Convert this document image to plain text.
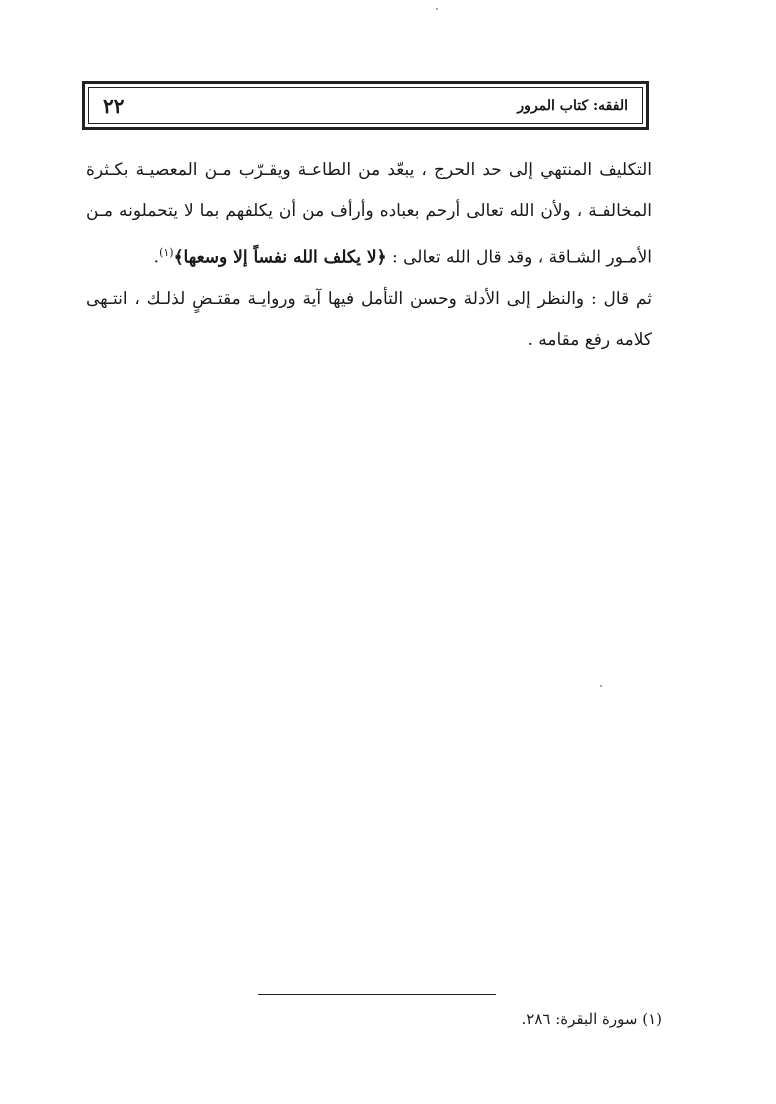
٢٢	الفقه: كتاب المرور

التكليف المنتهي إلى حد الحرج ، يبعّد من الطاعـة ويقـرّب مـن المعصيـة بكـثرة المخالفـة ، ولأن الله تعالى أرحم بعباده وأرأف من أن يكلفهم بما لا يتحملونه مـن الأمـور الشـاقة ، وقد قال الله تعالى : ﴿لا يكلف الله نفساً إلا وسعها﴾$^{(١)}$.

ثم قال : والنظر إلى الأدلة وحسن التأمل فيها آية وروايـة مقتـضٍ لذلـك ، انتـهى كلامه رفع مقامه .

(١) سورة البقرة: ٢٨٦.
